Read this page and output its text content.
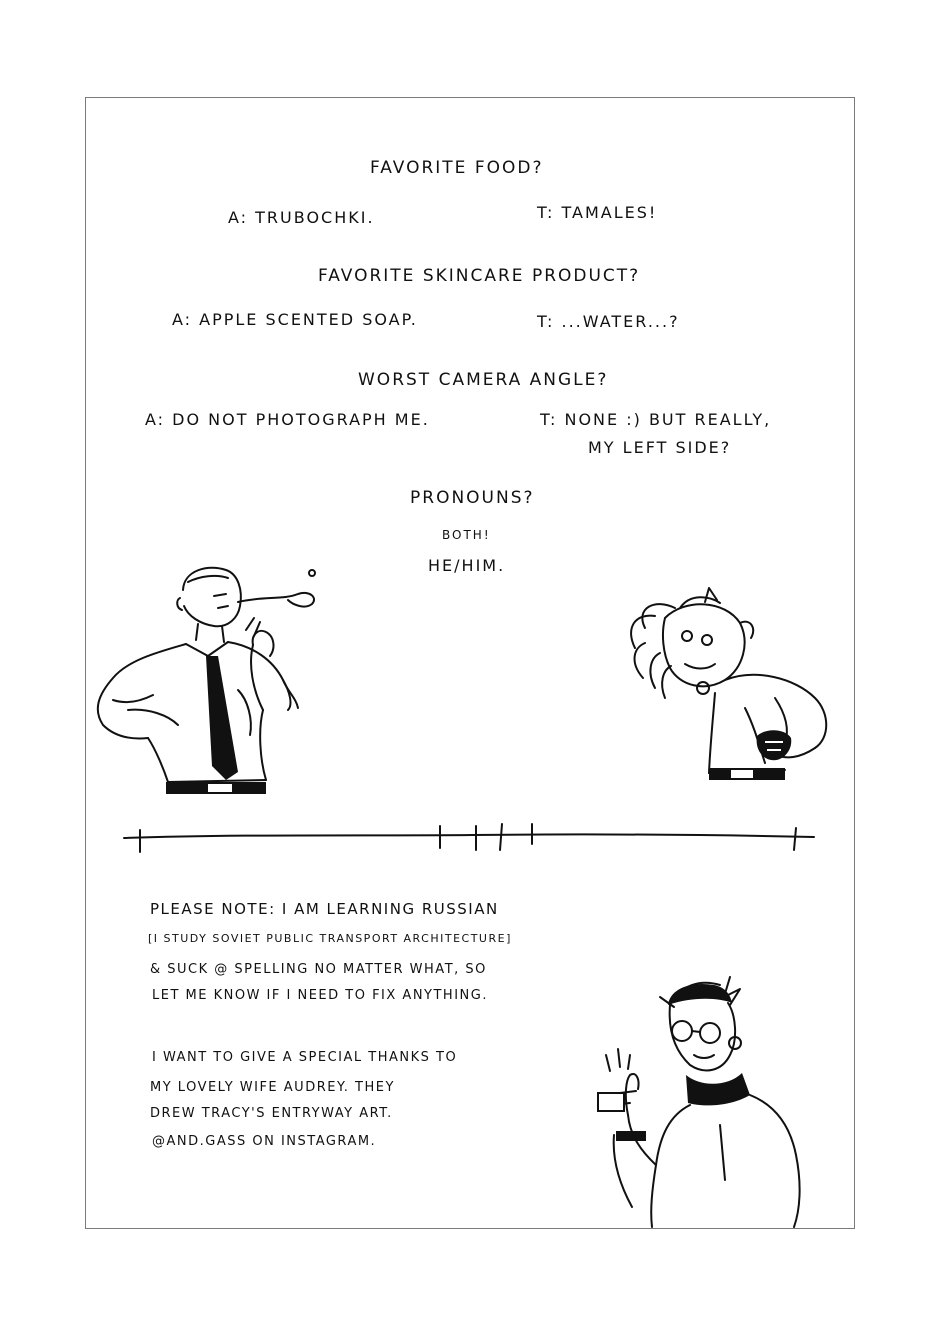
FAVORITE FOOD?
A: TRUBOCHKI.	T: TAMALES!
FAVORITE SKINCARE PRODUCT?
A: APPLE SCENTED SOAP.	T: ...WATER...?
WORST CAMERA ANGLE?
A: DO NOT PHOTOGRAPH ME.	T: NONE :) BUT REALLY,
MY LEFT SIDE?
PRONOUNS?
BOTH!
HE/HIM.
PLEASE NOTE: I AM LEARNING RUSSIAN
[I STUDY SOVIET PUBLIC TRANSPORT ARCHITECTURE]
& SUCK @ SPELLING NO MATTER WHAT, SO
LET ME KNOW IF I NEED TO FIX ANYTHING.
I WANT TO GIVE A SPECIAL THANKS TO
MY LOVELY WIFE AUDREY. THEY
DREW TRACY'S ENTRYWAY ART.
@AND.GASS ON INSTAGRAM.
